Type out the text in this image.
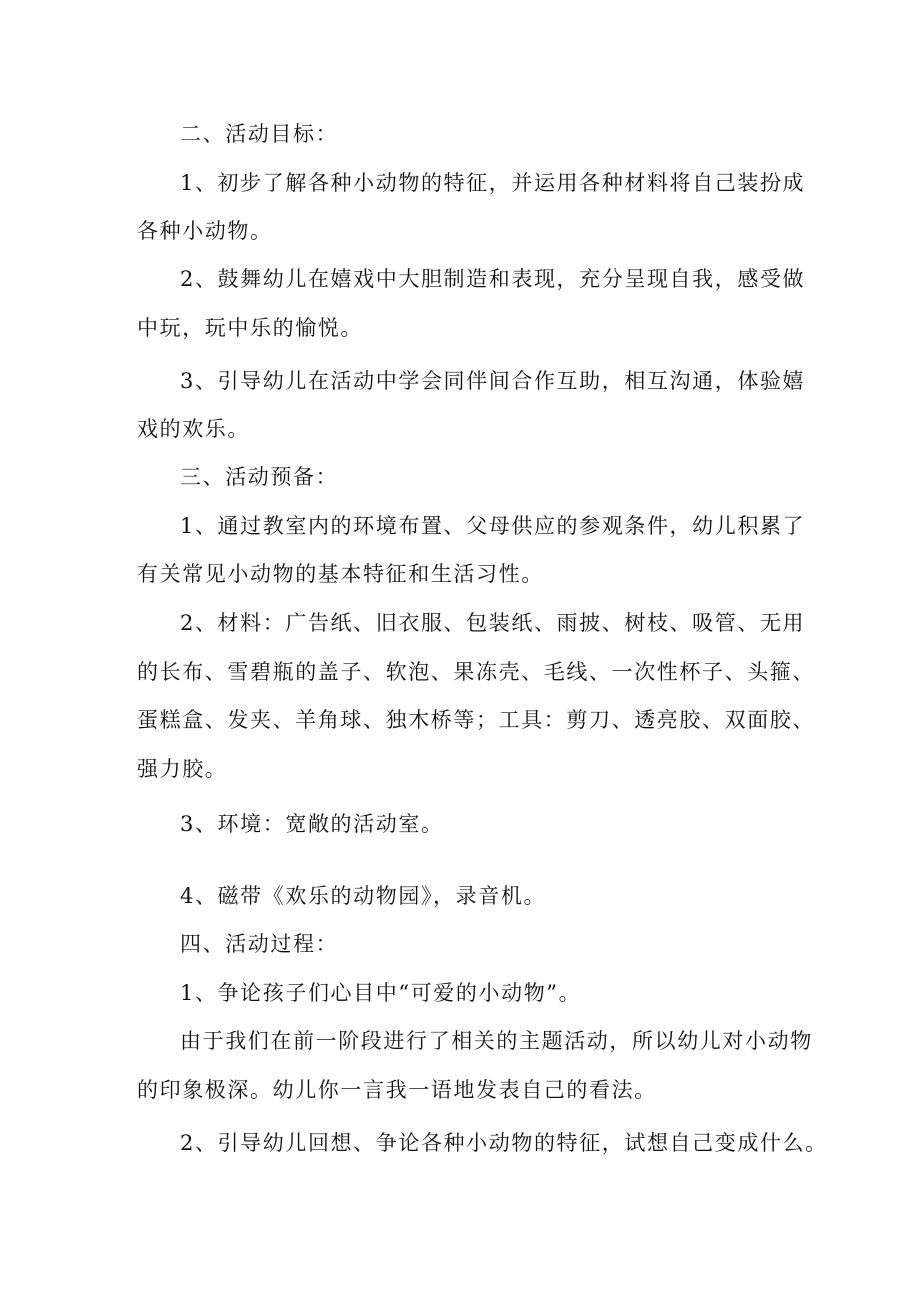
二、活动目标：
1、初步了解各种小动物的特征，并运用各种材料将自己装扮成
各种小动物。
2、鼓舞幼儿在嬉戏中大胆制造和表现，充分呈现自我，感受做
中玩，玩中乐的愉悦。
3、引导幼儿在活动中学会同伴间合作互助，相互沟通，体验嬉
戏的欢乐。
三、活动预备：
1、通过教室内的环境布置、父母供应的参观条件，幼儿积累了
有关常见小动物的基本特征和生活习性。
2、材料：广告纸、旧衣服、包装纸、雨披、树枝、吸管、无用
的长布、雪碧瓶的盖子、软泡、果冻壳、毛线、一次性杯子、头箍、
蛋糕盒、发夹、羊角球、独木桥等；工具：剪刀、透亮胶、双面胶、
强力胶。
3、环境：宽敞的活动室。
4、磁带《欢乐的动物园》，录音机。
四、活动过程：
1、争论孩子们心目中“可爱的小动物”。
由于我们在前一阶段进行了相关的主题活动，所以幼儿对小动物
的印象极深。幼儿你一言我一语地发表自己的看法。
2、引导幼儿回想、争论各种小动物的特征，试想自己变成什么。
